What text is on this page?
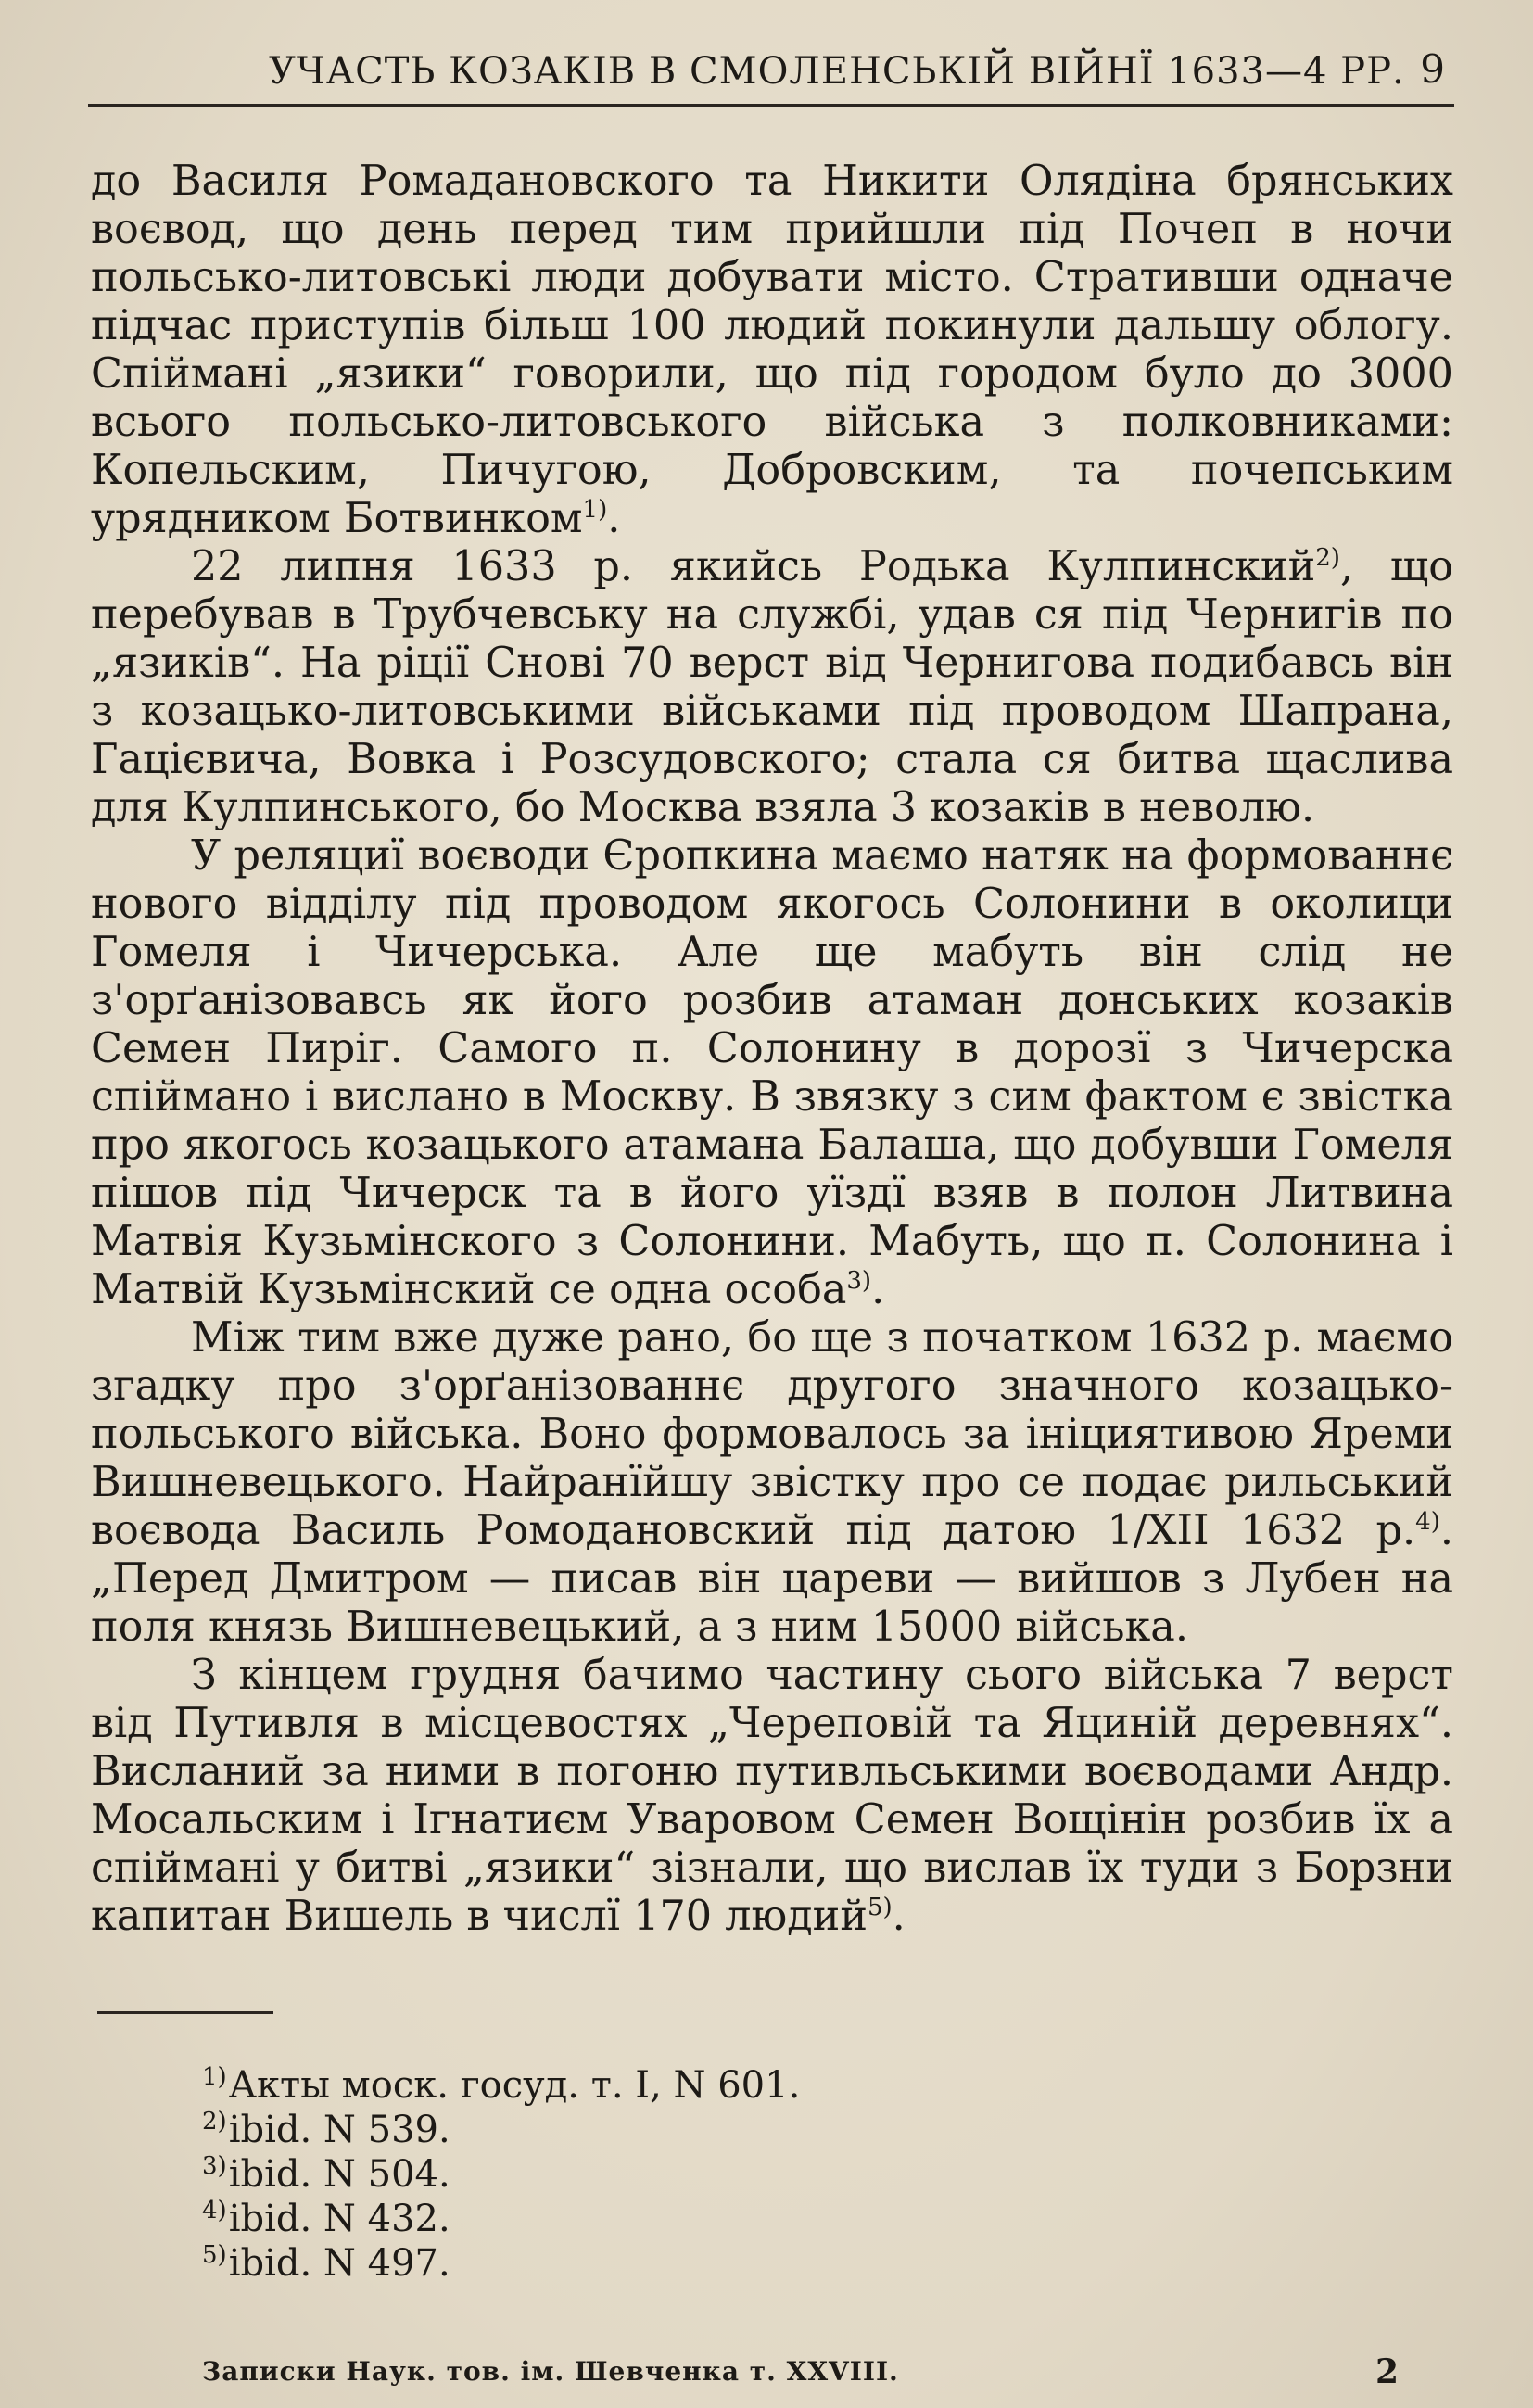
УЧАСТЬ КОЗАКІВ В СМОЛЕНСЬКІЙ ВІЙНЇ 1633—4 РР. 9

до Василя Ромадановского та Никити Олядіна брянських воєвод, що день перед тим прийшли під Почеп в ночи польсько-литовські люди добувати місто. Стративши одначе підчас приступів більш 100 людий покинули дальшу облогу. Спіймані „язики“ говорили, що під городом було до 3000 всього польсько-литовського війська з полковниками: Копельским, Пичугою, Добровским, та почепським урядником Ботвинком$^{1)}$.

22 липня 1633 р. якийсь Родька Кулпинский$^{2)}$, що перебував в Трубчевську на службі, удав ся під Чернигів по „язиків“. На ріції Снові 70 верст від Чернигова подибавсь він з козацько-литовськими військами під проводом Шапрана, Гацієвича, Вовка і Розсудовского; стала ся битва щаслива для Кулпинського, бо Москва взяла 3 козаків в неволю.

У реляциї воєводи Єропкина маємо натяк на формованнє нового відділу під проводом якогось Солонини в околици Гомеля і Чичерська. Але ще мабуть він слід не з'орґанізовавсь як його розбив атаман донських козаків Семен Пиріг. Самого п. Солонину в дорозї з Чичерска спіймано і вислано в Москву. В звязку з сим фактом є звістка про якогось козацького атамана Балаша, що добувши Гомеля пішов під Чичерск та в його уїздї взяв в полон Литвина Матвія Кузьмінского з Солонини. Мабуть, що п. Солонина і Матвій Кузьмінский се одна особа$^{3)}$.

Між тим вже дуже рано, бо ще з початком 1632 р. маємо згадку про з'орґанізованнє другого значного козацько-польського війська. Воно формовалось за ініциятивою Яреми Вишневецького. Найранїйшу звістку про се подає рильський воєвода Василь Ромодановский під датою 1/XII 1632 р.$^{4)}$. „Перед Дмитром — писав він цареви — вийшов з Лубен на поля князь Вишневецький, а з ним 15000 війська.

З кінцем грудня бачимо частину сього війська 7 верст від Путивля в місцевостях „Череповій та Яциній деревнях“. Висланий за ними в погоню путивльськими воєводами Андр. Мосальским і Ігнатиєм Уваровом Семен Вощінін розбив їх а спіймані у битві „язики“ зізнали, що вислав їх туди з Борзни капитан Вишель в числї 170 людий$^{5)}$.

$^{1)}$Акты моск. госуд. т. І, N 601.
$^{2)}$ibid. N 539.
$^{3)}$ibid. N 504.
$^{4)}$ibid. N 432.
$^{5)}$ibid. N 497.
Записки Наук. тов. ім. Шевченка т. XXVIII.	2
